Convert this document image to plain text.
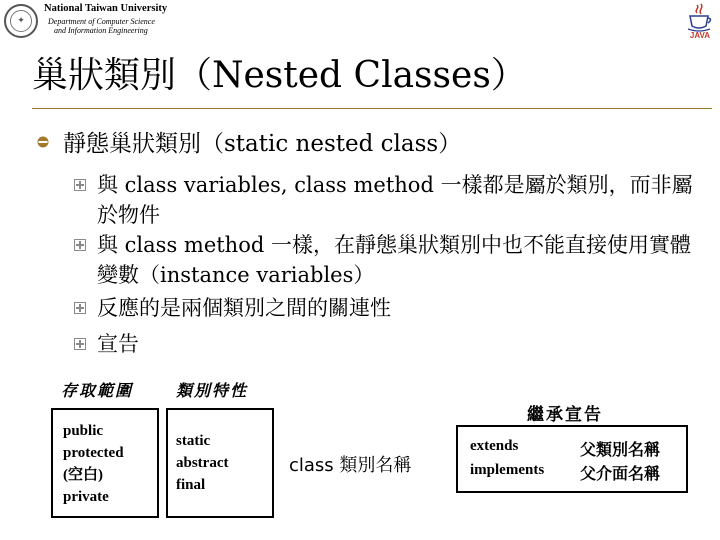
✦
National Taiwan University
Department of Computer Science
and Information Engineering
JAVA
巢狀類別（Nested Classes）
靜態巢狀類別（static nested class）
與 class variables, class method 一樣都是屬於類別，而非屬於物件
與 class method 一樣，在靜態巢狀類別中也不能直接使用實體變數（instance variables）
反應的是兩個類別之間的關連性
宣告
存取範圍	類別特性
public
protected
(空白)
private
static
abstract
final
class 類別名稱
繼承宣告
extends	父類別名稱
implements 父介面名稱
